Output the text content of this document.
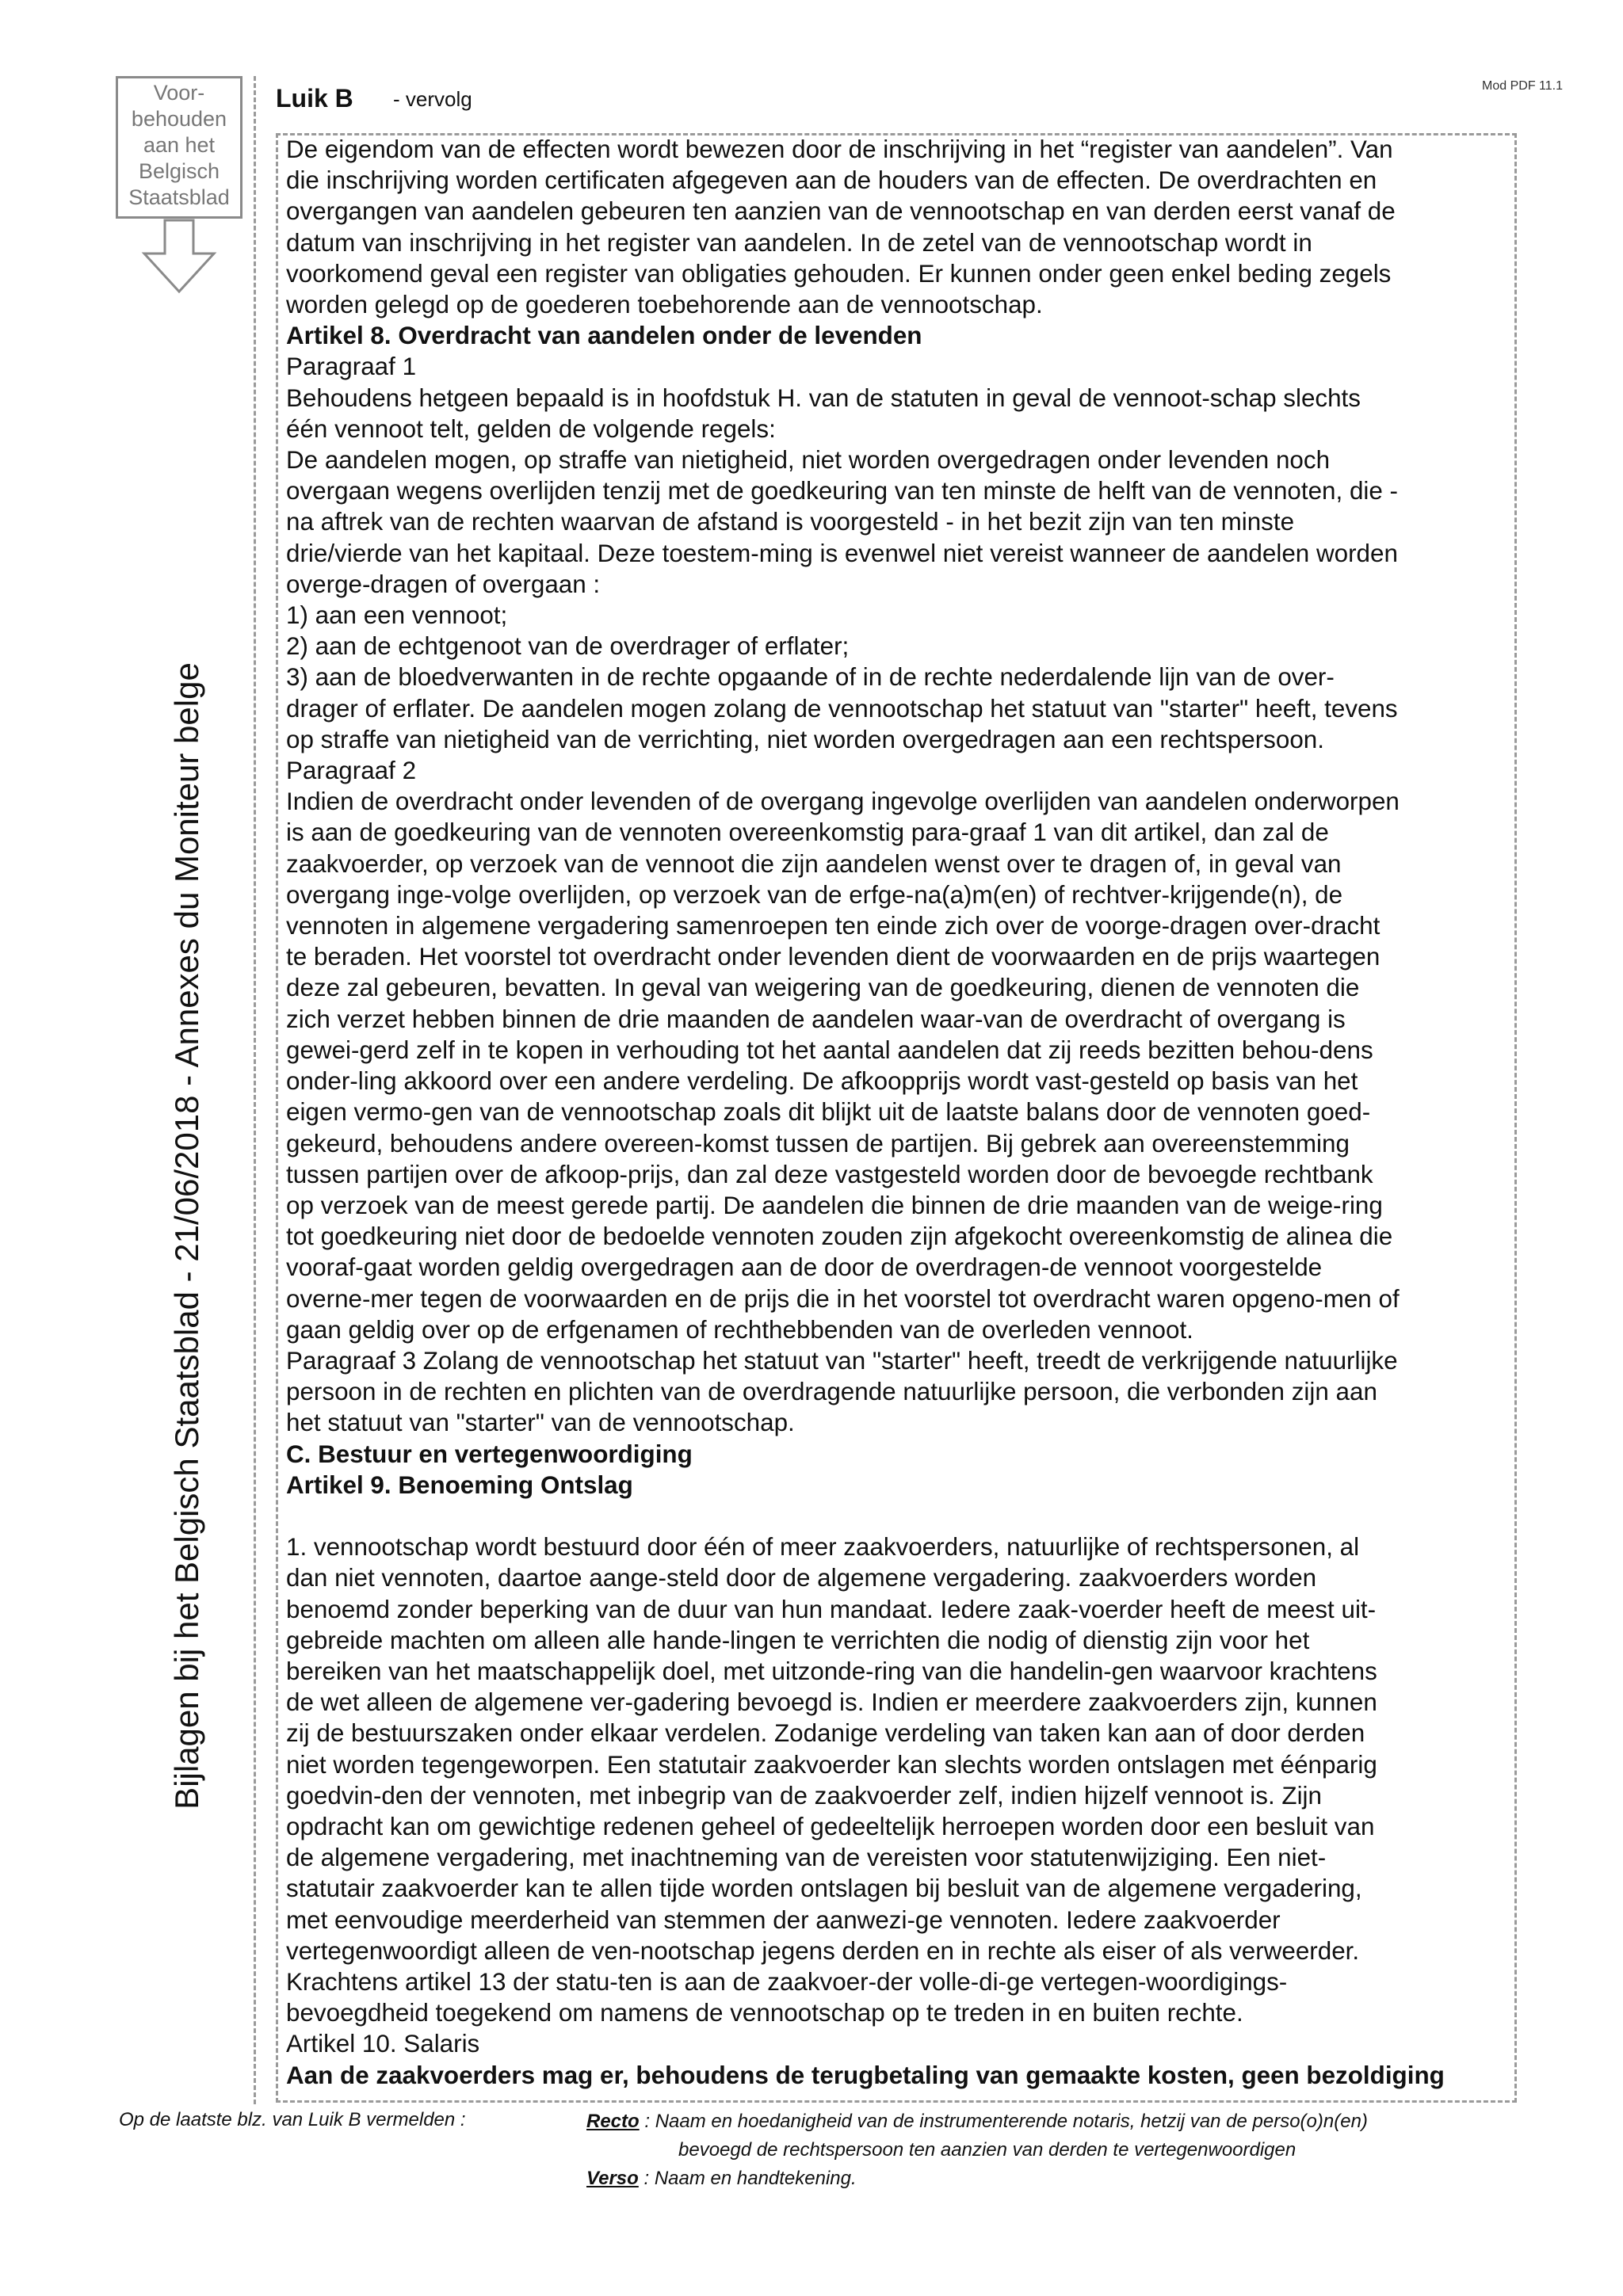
Voor-
behouden
aan het
Belgisch
Staatsblad
Bijlagen bij het Belgisch Staatsblad - 21/06/2018 - Annexes du Moniteur belge
Luik B - vervolg
Mod PDF 11.1
De eigendom van de effecten wordt bewezen door de inschrijving in het “register van aandelen”. Van
die inschrijving worden certificaten afgegeven aan de houders van de effecten. De overdrachten en
overgangen van aandelen gebeuren ten aanzien van de vennootschap en van derden eerst vanaf de
datum van inschrijving in het register van aandelen. In de zetel van de vennootschap wordt in
voorkomend geval een register van obligaties gehouden. Er kunnen onder geen enkel beding zegels
worden gelegd op de goederen toebehorende aan de vennootschap.
Artikel 8. Overdracht van aandelen onder de levenden
Paragraaf 1
Behoudens hetgeen bepaald is in hoofdstuk H. van de statuten in geval de vennoot-schap slechts
één vennoot telt, gelden de volgende regels:
De aandelen mogen, op straffe van nietigheid, niet worden overgedragen onder levenden noch
overgaan wegens overlijden tenzij met de goedkeuring van ten minste de helft van de vennoten, die -
na aftrek van de rechten waarvan de afstand is voorgesteld - in het bezit zijn van ten minste
drie/vierde van het kapitaal. Deze toestem-ming is evenwel niet vereist wanneer de aandelen worden
overge-dragen of overgaan :
1) aan een vennoot;
2) aan de echtgenoot van de overdrager of erflater;
3) aan de bloedverwanten in de rechte opgaande of in de rechte nederdalende lijn van de over-
drager of erflater. De aandelen mogen zolang de vennootschap het statuut van "starter" heeft, tevens
op straffe van nietigheid van de verrichting, niet worden overgedragen aan een rechtspersoon.
Paragraaf 2
Indien de overdracht onder levenden of de overgang ingevolge overlijden van aandelen onderworpen
is aan de goedkeuring van de vennoten overeenkomstig para-graaf 1 van dit artikel, dan zal de
zaakvoerder, op verzoek van de vennoot die zijn aandelen wenst over te dragen of, in geval van
overgang inge-volge overlijden, op verzoek van de erfge-na(a)m(en) of rechtver-krijgende(n), de
vennoten in algemene vergadering samenroepen ten einde zich over de voorge-dragen over-dracht
te beraden. Het voorstel tot overdracht onder levenden dient de voorwaarden en de prijs waartegen
deze zal gebeuren, bevatten. In geval van weigering van de goedkeuring, dienen de vennoten die
zich verzet hebben binnen de drie maanden de aandelen waar-van de overdracht of overgang is
gewei-gerd zelf in te kopen in verhouding tot het aantal aandelen dat zij reeds bezitten behou-dens
onder-ling akkoord over een andere verdeling. De afkoopprijs wordt vast-gesteld op basis van het
eigen vermo-gen van de vennootschap zoals dit blijkt uit de laatste balans door de vennoten goed-
gekeurd, behoudens andere overeen-komst tussen de partijen. Bij gebrek aan overeenstemming
tussen partijen over de afkoop-prijs, dan zal deze vastgesteld worden door de bevoegde rechtbank
op verzoek van de meest gerede partij. De aandelen die binnen de drie maanden van de weige-ring
tot goedkeuring niet door de bedoelde vennoten zouden zijn afgekocht overeenkomstig de alinea die
vooraf-gaat worden geldig overgedragen aan de door de overdragen-de vennoot voorgestelde
overne-mer tegen de voorwaarden en de prijs die in het voorstel tot overdracht waren opgeno-men of
gaan geldig over op de erfgenamen of rechthebbenden van de overleden vennoot.
Paragraaf 3 Zolang de vennootschap het statuut van "starter" heeft, treedt de verkrijgende natuurlijke
persoon in de rechten en plichten van de overdragende natuurlijke persoon, die verbonden zijn aan
het statuut van "starter" van de vennootschap.
C. Bestuur en vertegenwoordiging
Artikel 9. Benoeming Ontslag
1. vennootschap wordt bestuurd door één of meer zaakvoerders, natuurlijke of rechtspersonen, al
dan niet vennoten, daartoe aange-steld door de algemene vergadering. zaakvoerders worden
benoemd zonder beperking van de duur van hun mandaat. Iedere zaak-voerder heeft de meest uit-
gebreide machten om alleen alle hande-lingen te verrichten die nodig of dienstig zijn voor het
bereiken van het maatschappelijk doel, met uitzonde-ring van die handelin-gen waarvoor krachtens
de wet alleen de algemene ver-gadering bevoegd is. Indien er meerdere zaakvoerders zijn, kunnen
zij de bestuurszaken onder elkaar verdelen. Zodanige verdeling van taken kan aan of door derden
niet worden tegengeworpen. Een statutair zaakvoerder kan slechts worden ontslagen met éénparig
goedvin-den der vennoten, met inbegrip van de zaakvoerder zelf, indien hijzelf vennoot is. Zijn
opdracht kan om gewichtige redenen geheel of gedeeltelijk herroepen worden door een besluit van
de algemene vergadering, met inachtneming van de vereisten voor statutenwijziging. Een niet-
statutair zaakvoerder kan te allen tijde worden ontslagen bij besluit van de algemene vergadering,
met eenvoudige meerderheid van stemmen der aanwezi-ge vennoten. Iedere zaakvoerder
vertegenwoordigt alleen de ven-nootschap jegens derden en in rechte als eiser of als verweerder.
Krachtens artikel 13 der statu-ten is aan de zaakvoer-der volle-di-ge vertegen-woordigings-
bevoegdheid toegekend om namens de vennootschap op te treden in en buiten rechte.
Artikel 10. Salaris
Aan de zaakvoerders mag er, behoudens de terugbetaling van gemaakte kosten, geen bezoldiging
Op de laatste blz. van Luik B vermelden :	Recto : Naam en hoedanigheid van de instrumenterende notaris, hetzij van de perso(o)n(en)
bevoegd de rechtspersoon ten aanzien van derden te vertegenwoordigen
Verso : Naam en handtekening.
